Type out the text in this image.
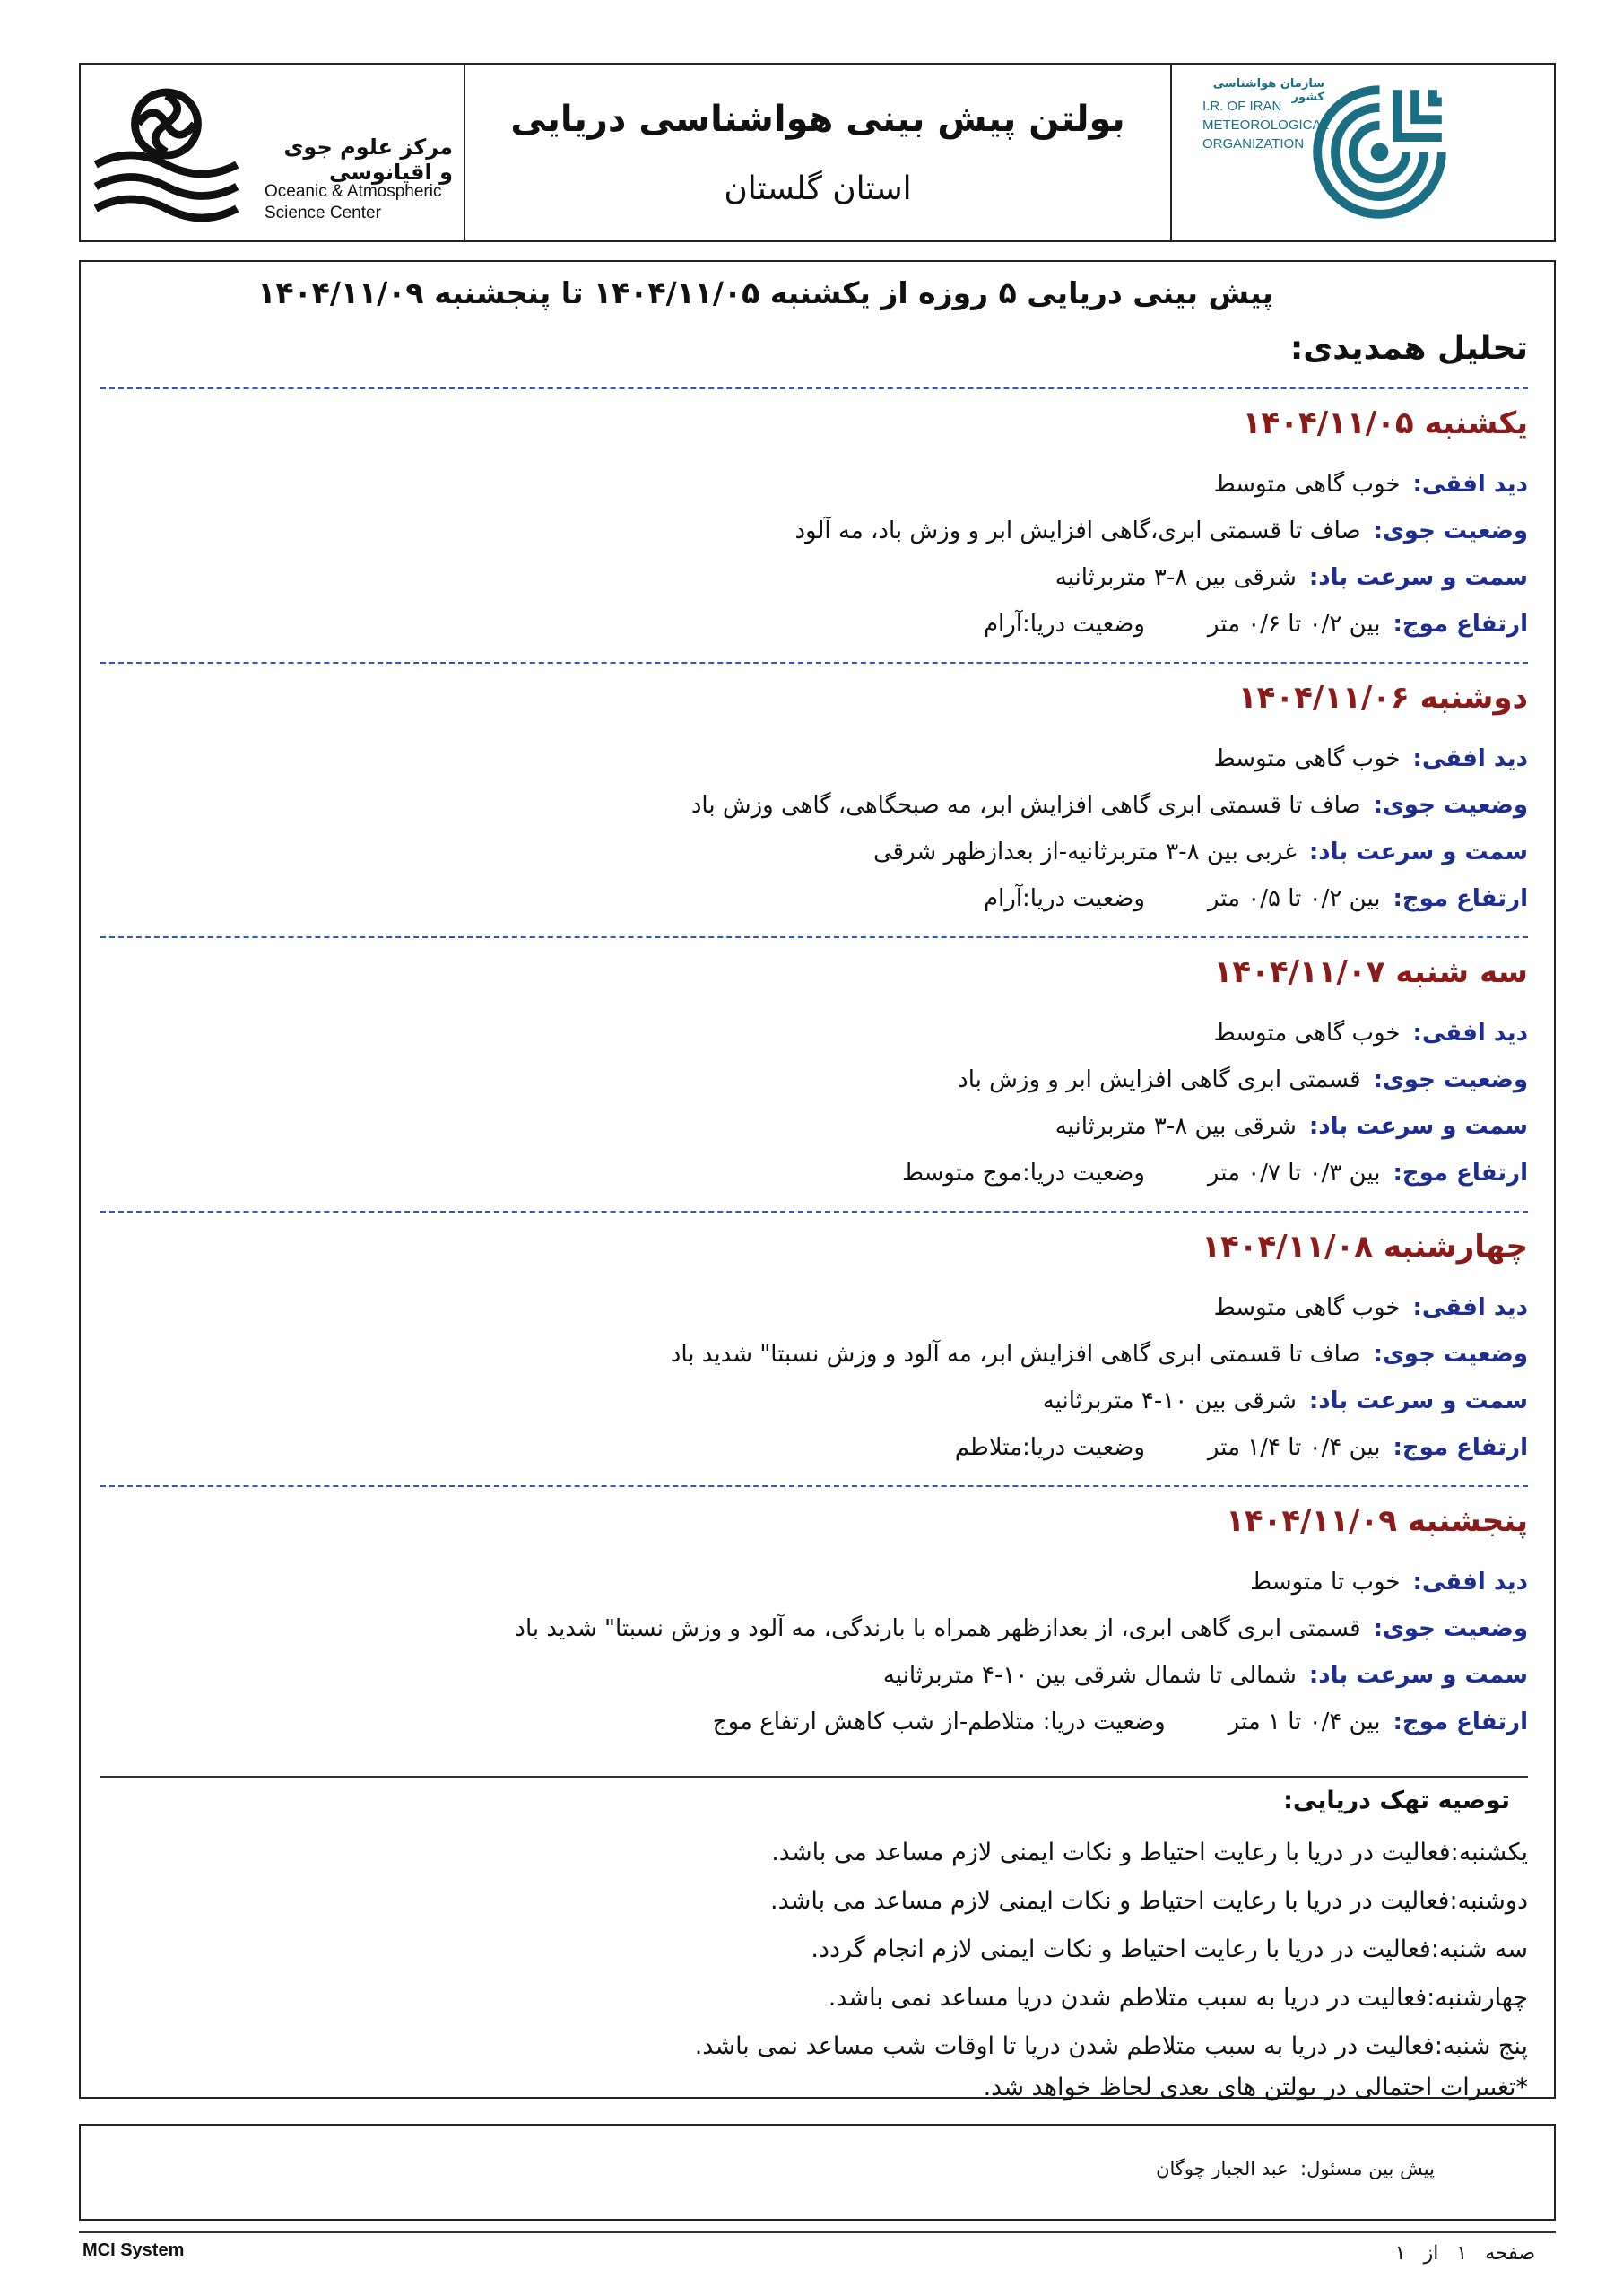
سازمان هواشناسی کشور
I.R. OF IRAN
METEOROLOGICAL
ORGANIZATION
بولتن پیش بینی هواشناسی دریایی
استان گلستان
مرکز علوم جوی و اقیانوسی
Oceanic & Atmospheric
Science Center
پیش بینی دریایی ۵ روزه از یکشنبه ۱۴۰۴/۱۱/۰۵ تا پنجشنبه ۱۴۰۴/۱۱/۰۹
تحلیل همدیدی:
یکشنبه ۱۴۰۴/۱۱/۰۵
دید افقی:خوب گاهی متوسط
وضعیت جوی:صاف تا قسمتی ابری،گاهی افزایش ابر و وزش باد، مه آلود
سمت و سرعت باد:شرقی بین ۸-۳ متربرثانیه
ارتفاع موج:بین ۰/۲ تا ۰/۶ متروضعیت دریا:آرام
دوشنبه ۱۴۰۴/۱۱/۰۶
دید افقی:خوب گاهی متوسط
وضعیت جوی:صاف تا قسمتی ابری گاهی افزایش ابر، مه صبحگاهی، گاهی وزش باد
سمت و سرعت باد:غربی بین ۸-۳ متربرثانیه-از بعدازظهر شرقی
ارتفاع موج:بین ۰/۲ تا ۰/۵ متروضعیت دریا:آرام
سه شنبه ۱۴۰۴/۱۱/۰۷
دید افقی:خوب گاهی متوسط
وضعیت جوی:قسمتی ابری گاهی افزایش ابر و وزش باد
سمت و سرعت باد:شرقی بین ۸-۳ متربرثانیه
ارتفاع موج:بین ۰/۳ تا ۰/۷ متروضعیت دریا:موج متوسط
چهارشنبه ۱۴۰۴/۱۱/۰۸
دید افقی:خوب گاهی متوسط
وضعیت جوی:صاف تا قسمتی ابری گاهی افزایش ابر، مه آلود و وزش نسبتا" شدید باد
سمت و سرعت باد:شرقی بین ۱۰-۴ متربرثانیه
ارتفاع موج:بین ۰/۴ تا ۱/۴ متروضعیت دریا:متلاطم
پنجشنبه ۱۴۰۴/۱۱/۰۹
دید افقی:خوب تا متوسط
وضعیت جوی:قسمتی ابری گاهی ابری، از بعدازظهر همراه با بارندگی، مه آلود و وزش نسبتا" شدید باد
سمت و سرعت باد:شمالی تا شمال شرقی بین ۱۰-۴ متربرثانیه
ارتفاع موج:بین ۰/۴ تا ۱ متروضعیت دریا: متلاطم-از شب کاهش ارتفاع موج
توصیه تهک دریایی:
یکشنبه:فعالیت در دریا با رعایت احتیاط و نکات ایمنی لازم مساعد می باشد.
دوشنبه:فعالیت در دریا با رعایت احتیاط و نکات ایمنی لازم مساعد می باشد.
سه شنبه:فعالیت در دریا با رعایت احتیاط و نکات ایمنی لازم انجام گردد.
چهارشنبه:فعالیت در دریا به سبب متلاطم شدن دریا مساعد نمی باشد.
پنج شنبه:فعالیت در دریا به سبب متلاطم شدن دریا تا اوقات شب مساعد نمی باشد.
*تغییرات احتمالی در بولتن های بعدی لحاظ خواهد شد.
پیش بین مسئول:  عبد الجبار چوگان
MCI System	صفحه۱از۱
